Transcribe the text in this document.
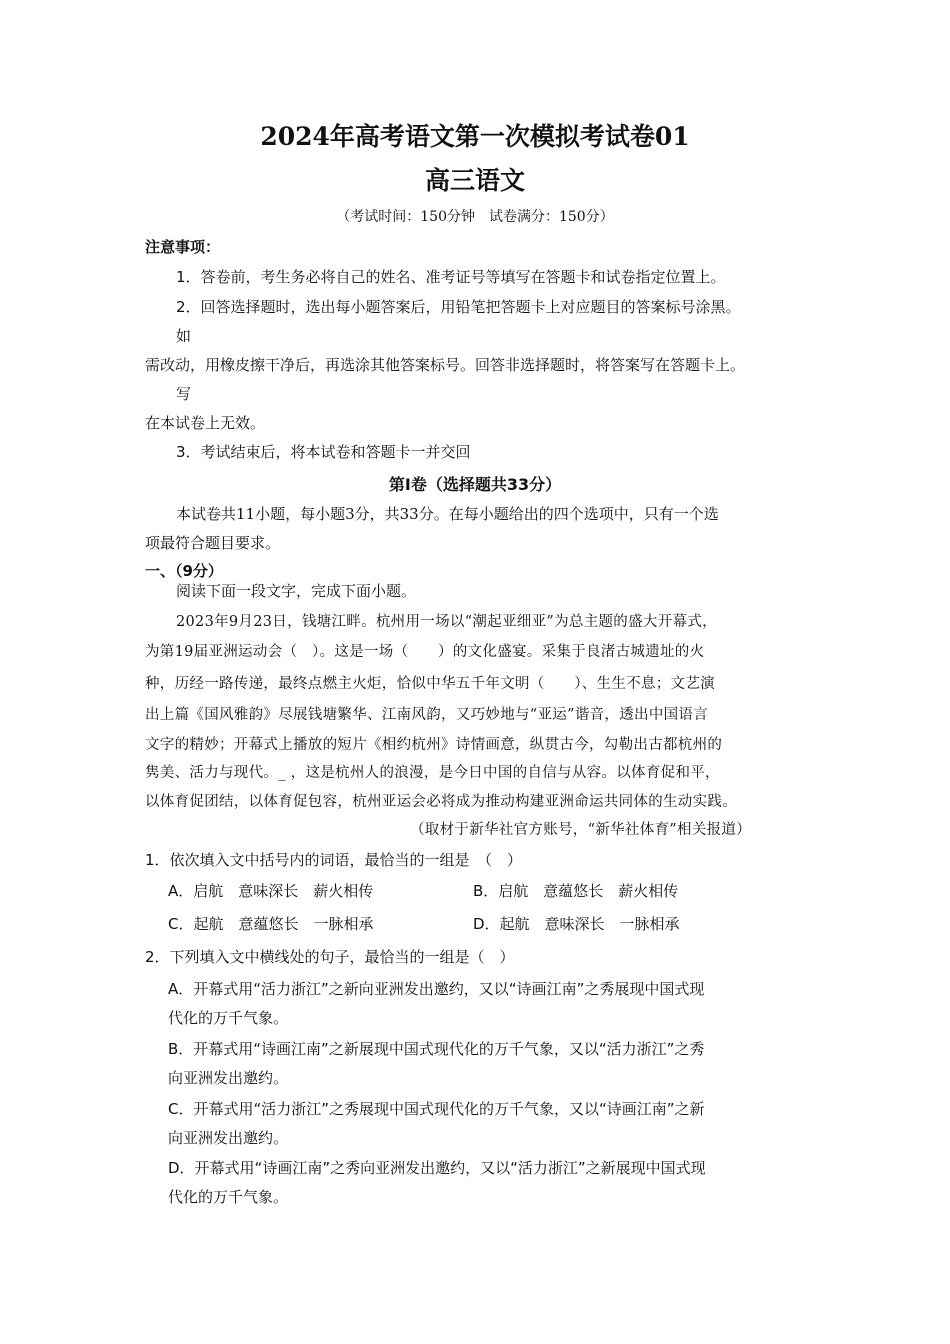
2024年高考语文第一次模拟考试卷01
高三语文
（考试时间：150分钟　试卷满分：150分）
注意事项：
1．答卷前，考生务必将自己的姓名、准考证号等填写在答题卡和试卷指定位置上。
2．回答选择题时，选出每小题答案后，用铅笔把答题卡上对应题目的答案标号涂黑。
如
需改动，用橡皮擦干净后，再选涂其他答案标号。回答非选择题时，将答案写在答题卡上。
写
在本试卷上无效。
3．考试结束后，将本试卷和答题卡一并交回
第Ⅰ卷（选择题共33分）
本试卷共11小题，每小题3分，共33分。在每小题给出的四个选项中，只有一个选
项最符合题目要求。
一、（9分）
阅读下面一段文字，完成下面小题。
2023年9月23日，钱塘江畔。杭州用一场以“潮起亚细亚”为总主题的盛大开幕式，
为第19届亚洲运动会（　）。这是一场（　　）的文化盛宴。采集于良渚古城遗址的火
种，历经一路传递，最终点燃主火炬，恰似中华五千年文明（　　）、生生不息；文艺演
出上篇《国风雅韵》尽展钱塘繁华、江南风韵，又巧妙地与“亚运”谐音，透出中国语言
文字的精妙；开幕式上播放的短片《相约杭州》诗情画意，纵贯古今，勾勒出古都杭州的
隽美、活力与现代。_ ，这是杭州人的浪漫，是今日中国的自信与从容。以体育促和平，
以体育促团结，以体育促包容，杭州亚运会必将成为推动构建亚洲命运共同体的生动实践。
（取材于新华社官方账号，“新华社体育”相关报道）
1．依次填入文中括号内的词语，最恰当的一组是　（　）
A．启航　意味深长　薪火相传	B．启航　意蕴悠长　薪火相传
C．起航　意蕴悠长　一脉相承	D．起航　意味深长　一脉相承
2．下列填入文中横线处的句子，最恰当的一组是（　）
A．开幕式用“活力浙江”之新向亚洲发出邀约，又以“诗画江南”之秀展现中国式现
代化的万千气象。
B．开幕式用“诗画江南”之新展现中国式现代化的万千气象，又以“活力浙江”之秀
向亚洲发出邀约。
C．开幕式用“活力浙江”之秀展现中国式现代化的万千气象，又以“诗画江南”之新
向亚洲发出邀约。
D．开幕式用“诗画江南”之秀向亚洲发出邀约，又以“活力浙江”之新展现中国式现
代化的万千气象。
